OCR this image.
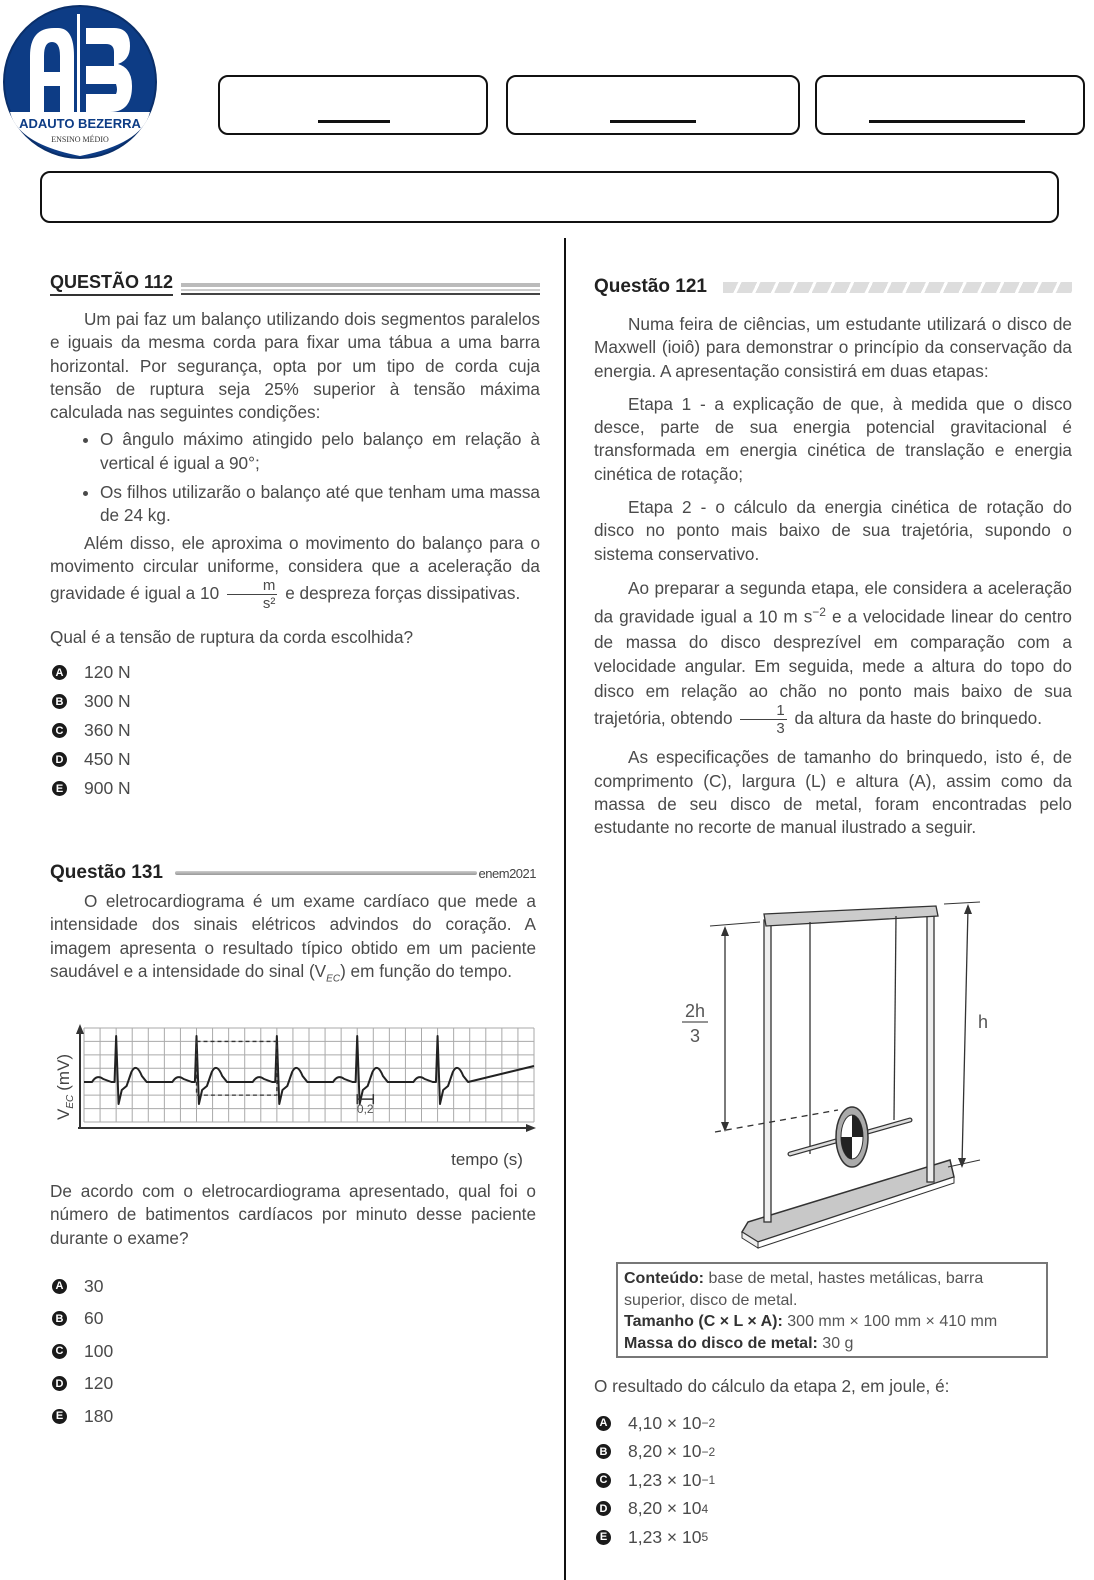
ADAUTO BEZERRA
ENSINO MÉDIO
QUESTÃO 112

Um pai faz um balanço utilizando dois segmentos paralelos e iguais da mesma corda para fixar uma tábua a uma barra horizontal. Por segurança, opta por um tipo de corda cuja tensão de ruptura seja 25% superior à tensão máxima calculada nas seguintes condições:

• O ângulo máximo atingido pelo balanço em relação à vertical é igual a 90°;
• Os filhos utilizarão o balanço até que tenham uma massa de 24 kg.

Além disso, ele aproxima o movimento do balanço para o movimento circular uniforme, considera que a aceleração da gravidade é igual a $10 \frac{m}{\text{s²}}$ e despreza forças dissipativas.

Qual é a tensão de ruptura da corda escolhida?
A 120 N
B 300 N
C 360 N
D 450 N
E 900 N
Questão 131	enem2021

O eletrocardiograma é um exame cardíaco que mede a intensidade dos sinais elétricos advindos do coração. A imagem apresenta o resultado típico obtido em um paciente saudável e a intensidade do sinal $(V_{EC})$ em função do tempo.

0,2
tempo (s)
$V_{EC}(mV)$
De acordo com o eletrocardiograma apresentado, qual foi o número de batimentos cardíacos por minuto desse paciente durante o exame?
A 30
B 60
C 100
D 120
E 180
Questão 121

Numa feira de ciências, um estudante utilizará o disco de Maxwell (ioiô) para demonstrar o princípio da conservação da energia. A apresentação consistirá em duas etapas:

Etapa 1 - a explicação de que, à medida que o disco desce, parte de sua energia potencial gravitacional é transformada em energia cinética de translação e energia cinética de rotação;

Etapa 2 - o cálculo da energia cinética de rotação do disco no ponto mais baixo de sua trajetória, supondo o sistema conservativo.

Ao preparar a segunda etapa, ele considera a aceleração da gravidade igual a 10 m $s^{-2}$ e a velocidade linear do centro de massa do disco desprezível em comparação com a velocidade angular. Em seguida, mede a altura do topo do disco em relação ao chão no ponto mais baixo de sua trajetória, obtendo $\frac{1}{3}$ da altura da haste do brinquedo.

As especificações de tamanho do brinquedo, isto é, de comprimento (C), largura (L) e altura (A), assim como da massa de seu disco de metal, foram encontradas pelo estudante no recorte de manual ilustrado a seguir.

2h
3
h
Conteúdo: base de metal, hastes metálicas, barra superior, disco de metal.
Tamanho (C × L × A): 300 mm × 100 mm × 410 mm
Massa do disco de metal: 30 g
O resultado do cálculo da etapa 2, em joule, é:
A 4,10 × 10 −2
B 8,20 × 10 −2
C 1,23 × 10 −1
D 8,20 × 10 4
E 1,23 × 10 5
